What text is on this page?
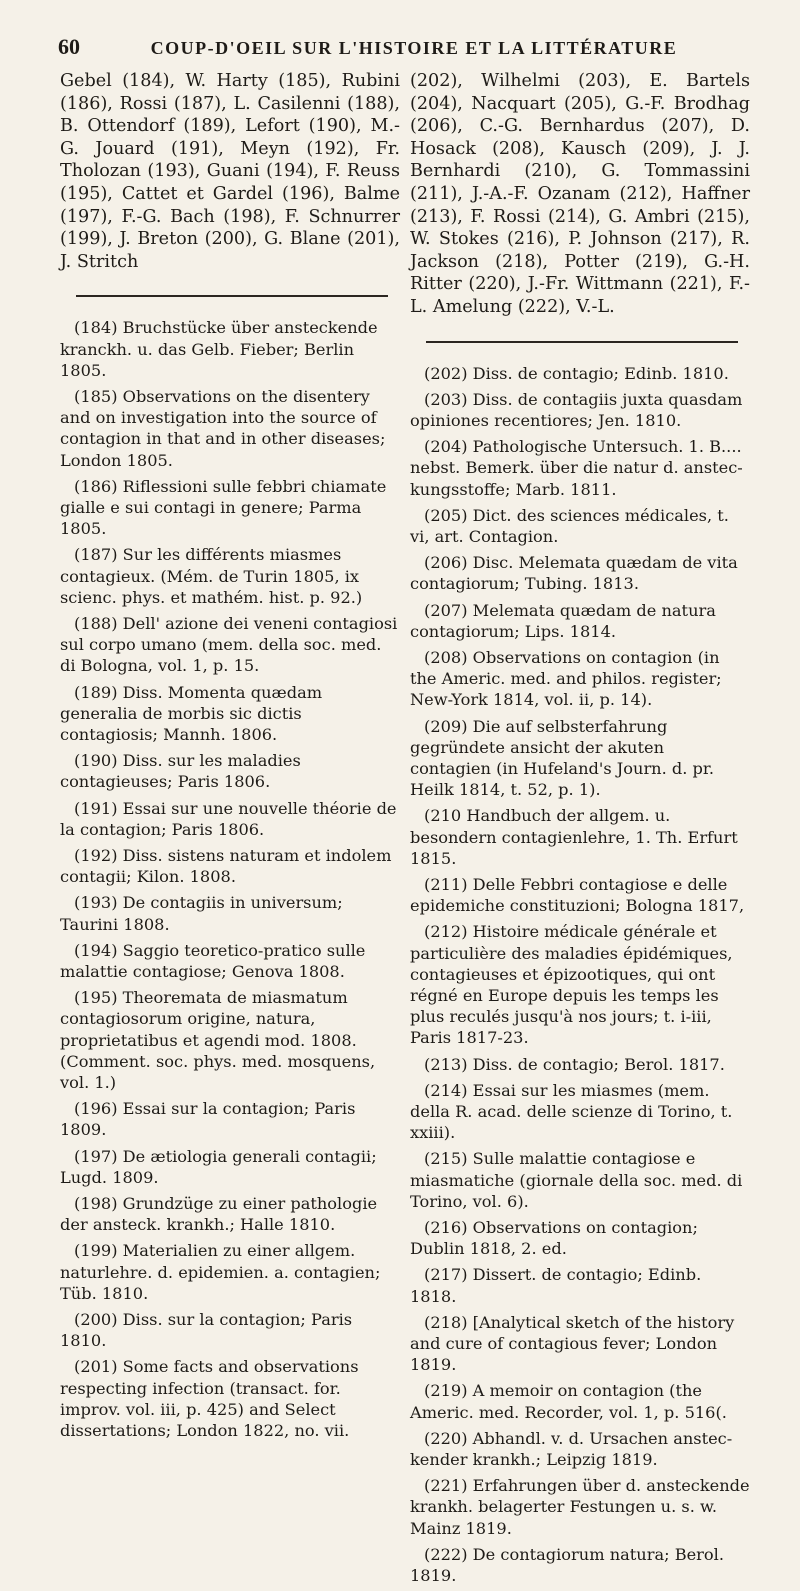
60	COUP-D'OEIL SUR L'HISTOIRE ET LA LITTÉRATURE

Gebel (184), W. Harty (185), Rubini (186), Rossi (187), L. Casilenni (188), B. Ottendorf (189), Lefort (190), M.-G. Jouard (191), Meyn (192), Fr. Tholozan (193), Guani (194), F. Reuss (195), Cattet et Gardel (196), Balme (197), F.-G. Bach (198), F. Schnurrer (199), J. Breton (200), G. Blane (201), J. Stritch

(184) Bruchstücke über ansteckende kranckh. u. das Gelb. Fieber; Berlin 1805.

(185) Observations on the disentery and on investigation into the source of contagion in that and in other diseases; London 1805.

(186) Riflessioni sulle febbri chiamate gialle e sui contagi in genere; Parma 1805.

(187) Sur les différents miasmes contagieux. (Mém. de Turin 1805, ix scienc. phys. et mathém. hist. p. 92.)

(188) Dell' azione dei veneni contagiosi sul corpo umano (mem. della soc. med. di Bologna, vol. 1, p. 15.

(189) Diss. Momenta quædam generalia de morbis sic dictis contagiosis; Mannh. 1806.

(190) Diss. sur les maladies contagieuses; Paris 1806.

(191) Essai sur une nouvelle théorie de la contagion; Paris 1806.

(192) Diss. sistens naturam et indolem contagii; Kilon. 1808.

(193) De contagiis in universum; Taurini 1808.

(194) Saggio teoretico-pratico sulle malattie contagiose; Genova 1808.

(195) Theoremata de miasmatum contagiosorum origine, natura, proprietatibus et agendi mod. 1808. (Comment. soc. phys. med. mosquens, vol. 1.)

(196) Essai sur la contagion; Paris 1809.

(197) De ætiologia generali contagii; Lugd. 1809.

(198) Grundzüge zu einer pathologie der ansteck. krankh.; Halle 1810.

(199) Materialien zu einer allgem. naturlehre. d. epidemien. a. contagien; Tüb. 1810.

(200) Diss. sur la contagion; Paris 1810.

(201) Some facts and observations respecting infection (transact. for. improv. vol. iii, p. 425) and Select dissertations; London 1822, no. vii.

(202), Wilhelmi (203), E. Bartels (204), Nacquart (205), G.-F. Brodhag (206), C.-G. Bernhardus (207), D. Hosack (208), Kausch (209), J. J. Bernhardi (210), G. Tommassini (211), J.-A.-F. Ozanam (212), Haffner (213), F. Rossi (214), G. Ambri (215), W. Stokes (216), P. Johnson (217), R. Jackson (218), Potter (219), G.-H. Ritter (220), J.-Fr. Wittmann (221), F.-L. Amelung (222), V.-L.

(202) Diss. de contagio; Edinb. 1810.

(203) Diss. de contagiis juxta quasdam opiniones recentiores; Jen. 1810.

(204) Pathologische Untersuch. 1. B.... nebst. Bemerk. über die natur d. anstec-kungsstoffe; Marb. 1811.

(205) Dict. des sciences médicales, t. vi, art. Contagion.

(206) Disc. Melemata quædam de vita contagiorum; Tubing. 1813.

(207) Melemata quædam de natura contagiorum; Lips. 1814.

(208) Observations on contagion (in the Americ. med. and philos. register; New-York 1814, vol. ii, p. 14).

(209) Die auf selbsterfahrung gegründete ansicht der akuten contagien (in Hufeland's Journ. d. pr. Heilk 1814, t. 52, p. 1).

(210 Handbuch der allgem. u. besondern contagienlehre, 1. Th. Erfurt 1815.

(211) Delle Febbri contagiose e delle epidemiche constituzioni; Bologna 1817,

(212) Histoire médicale générale et particulière des maladies épidémiques, contagieuses et épizootiques, qui ont régné en Europe depuis les temps les plus reculés jusqu'à nos jours; t. i-iii, Paris 1817-23.

(213) Diss. de contagio; Berol. 1817.

(214) Essai sur les miasmes (mem. della R. acad. delle scienze di Torino, t. xxiii).

(215) Sulle malattie contagiose e miasmatiche (giornale della soc. med. di Torino, vol. 6).

(216) Observations on contagion; Dublin 1818, 2. ed.

(217) Dissert. de contagio; Edinb. 1818.

(218) [Analytical sketch of the history and cure of contagious fever; London 1819.

(219) A memoir on contagion (the Americ. med. Recorder, vol. 1, p. 516(.

(220) Abhandl. v. d. Ursachen anstec-kender krankh.; Leipzig 1819.

(221) Erfahrungen über d. ansteckende krankh. belagerter Festungen u. s. w. Mainz 1819.

(222) De contagiorum natura; Berol. 1819.
